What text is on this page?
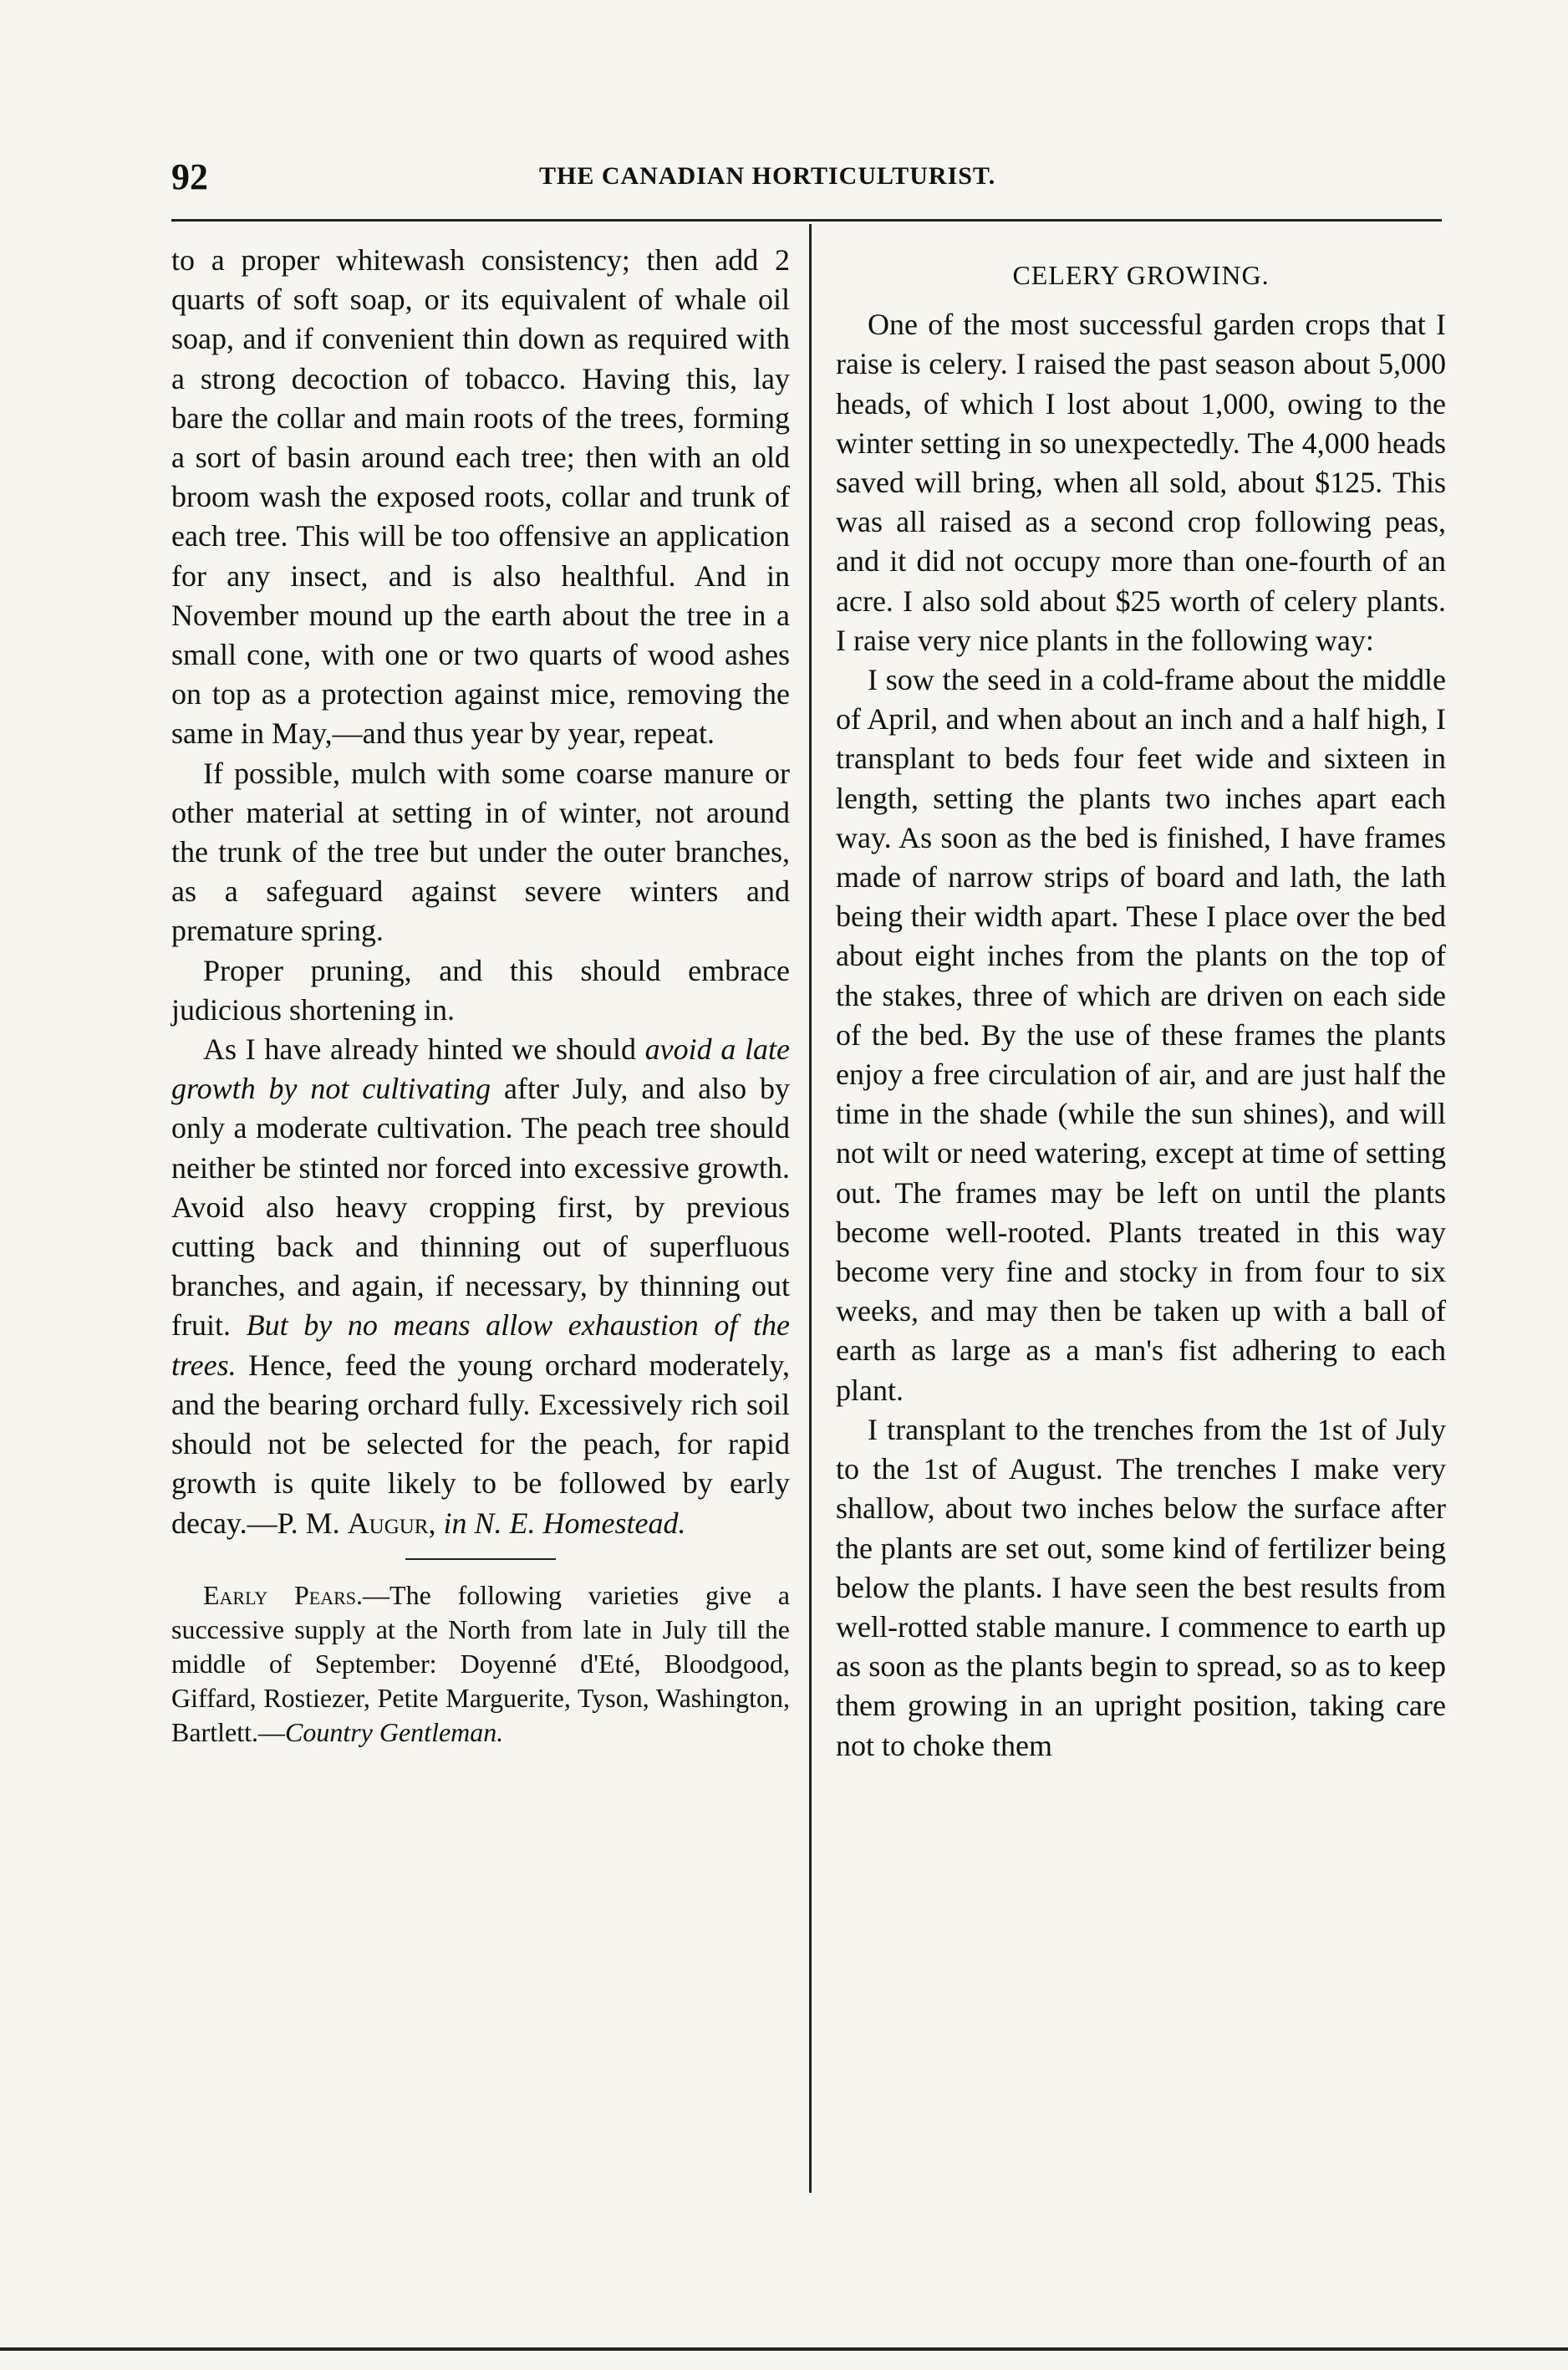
92	THE CANADIAN HORTICULTURIST.

to a proper whitewash consistency; then add 2 quarts of soft soap, or its equivalent of whale oil soap, and if convenient thin down as required with a strong decoction of tobacco. Having this, lay bare the collar and main roots of the trees, forming a sort of basin around each tree; then with an old broom wash the exposed roots, collar and trunk of each tree. This will be too offensive an application for any insect, and is also healthful. And in November mound up the earth about the tree in a small cone, with one or two quarts of wood ashes on top as a protection against mice, removing the same in May,—and thus year by year, repeat.

If possible, mulch with some coarse manure or other material at setting in of winter, not around the trunk of the tree but under the outer branches, as a safeguard against severe winters and premature spring.

Proper pruning, and this should embrace judicious shortening in.

As I have already hinted we should avoid a late growth by not cultivating after July, and also by only a moderate cultivation. The peach tree should neither be stinted nor forced into excessive growth. Avoid also heavy cropping first, by previous cutting back and thinning out of superfluous branches, and again, if necessary, by thinning out fruit. But by no means allow exhaustion of the trees. Hence, feed the young orchard moderately, and the bearing orchard fully. Excessively rich soil should not be selected for the peach, for rapid growth is quite likely to be followed by early decay.—P. M. Augur, in N. E. Homestead.

Early Pears.—The following varieties give a successive supply at the North from late in July till the middle of September: Doyenné d'Eté, Bloodgood, Giffard, Rostiezer, Petite Marguerite, Tyson, Washington, Bartlett.—Country Gentleman.

CELERY GROWING.

One of the most successful garden crops that I raise is celery. I raised the past season about 5,000 heads, of which I lost about 1,000, owing to the winter setting in so unexpectedly. The 4,000 heads saved will bring, when all sold, about $125. This was all raised as a second crop following peas, and it did not occupy more than one-fourth of an acre. I also sold about $25 worth of celery plants. I raise very nice plants in the following way:

I sow the seed in a cold-frame about the middle of April, and when about an inch and a half high, I transplant to beds four feet wide and sixteen in length, setting the plants two inches apart each way. As soon as the bed is finished, I have frames made of narrow strips of board and lath, the lath being their width apart. These I place over the bed about eight inches from the plants on the top of the stakes, three of which are driven on each side of the bed. By the use of these frames the plants enjoy a free circulation of air, and are just half the time in the shade (while the sun shines), and will not wilt or need watering, except at time of setting out. The frames may be left on until the plants become well-rooted. Plants treated in this way become very fine and stocky in from four to six weeks, and may then be taken up with a ball of earth as large as a man's fist adhering to each plant.

I transplant to the trenches from the 1st of July to the 1st of August. The trenches I make very shallow, about two inches below the surface after the plants are set out, some kind of fertilizer being below the plants. I have seen the best results from well-rotted stable manure. I commence to earth up as soon as the plants begin to spread, so as to keep them growing in an upright position, taking care not to choke them
